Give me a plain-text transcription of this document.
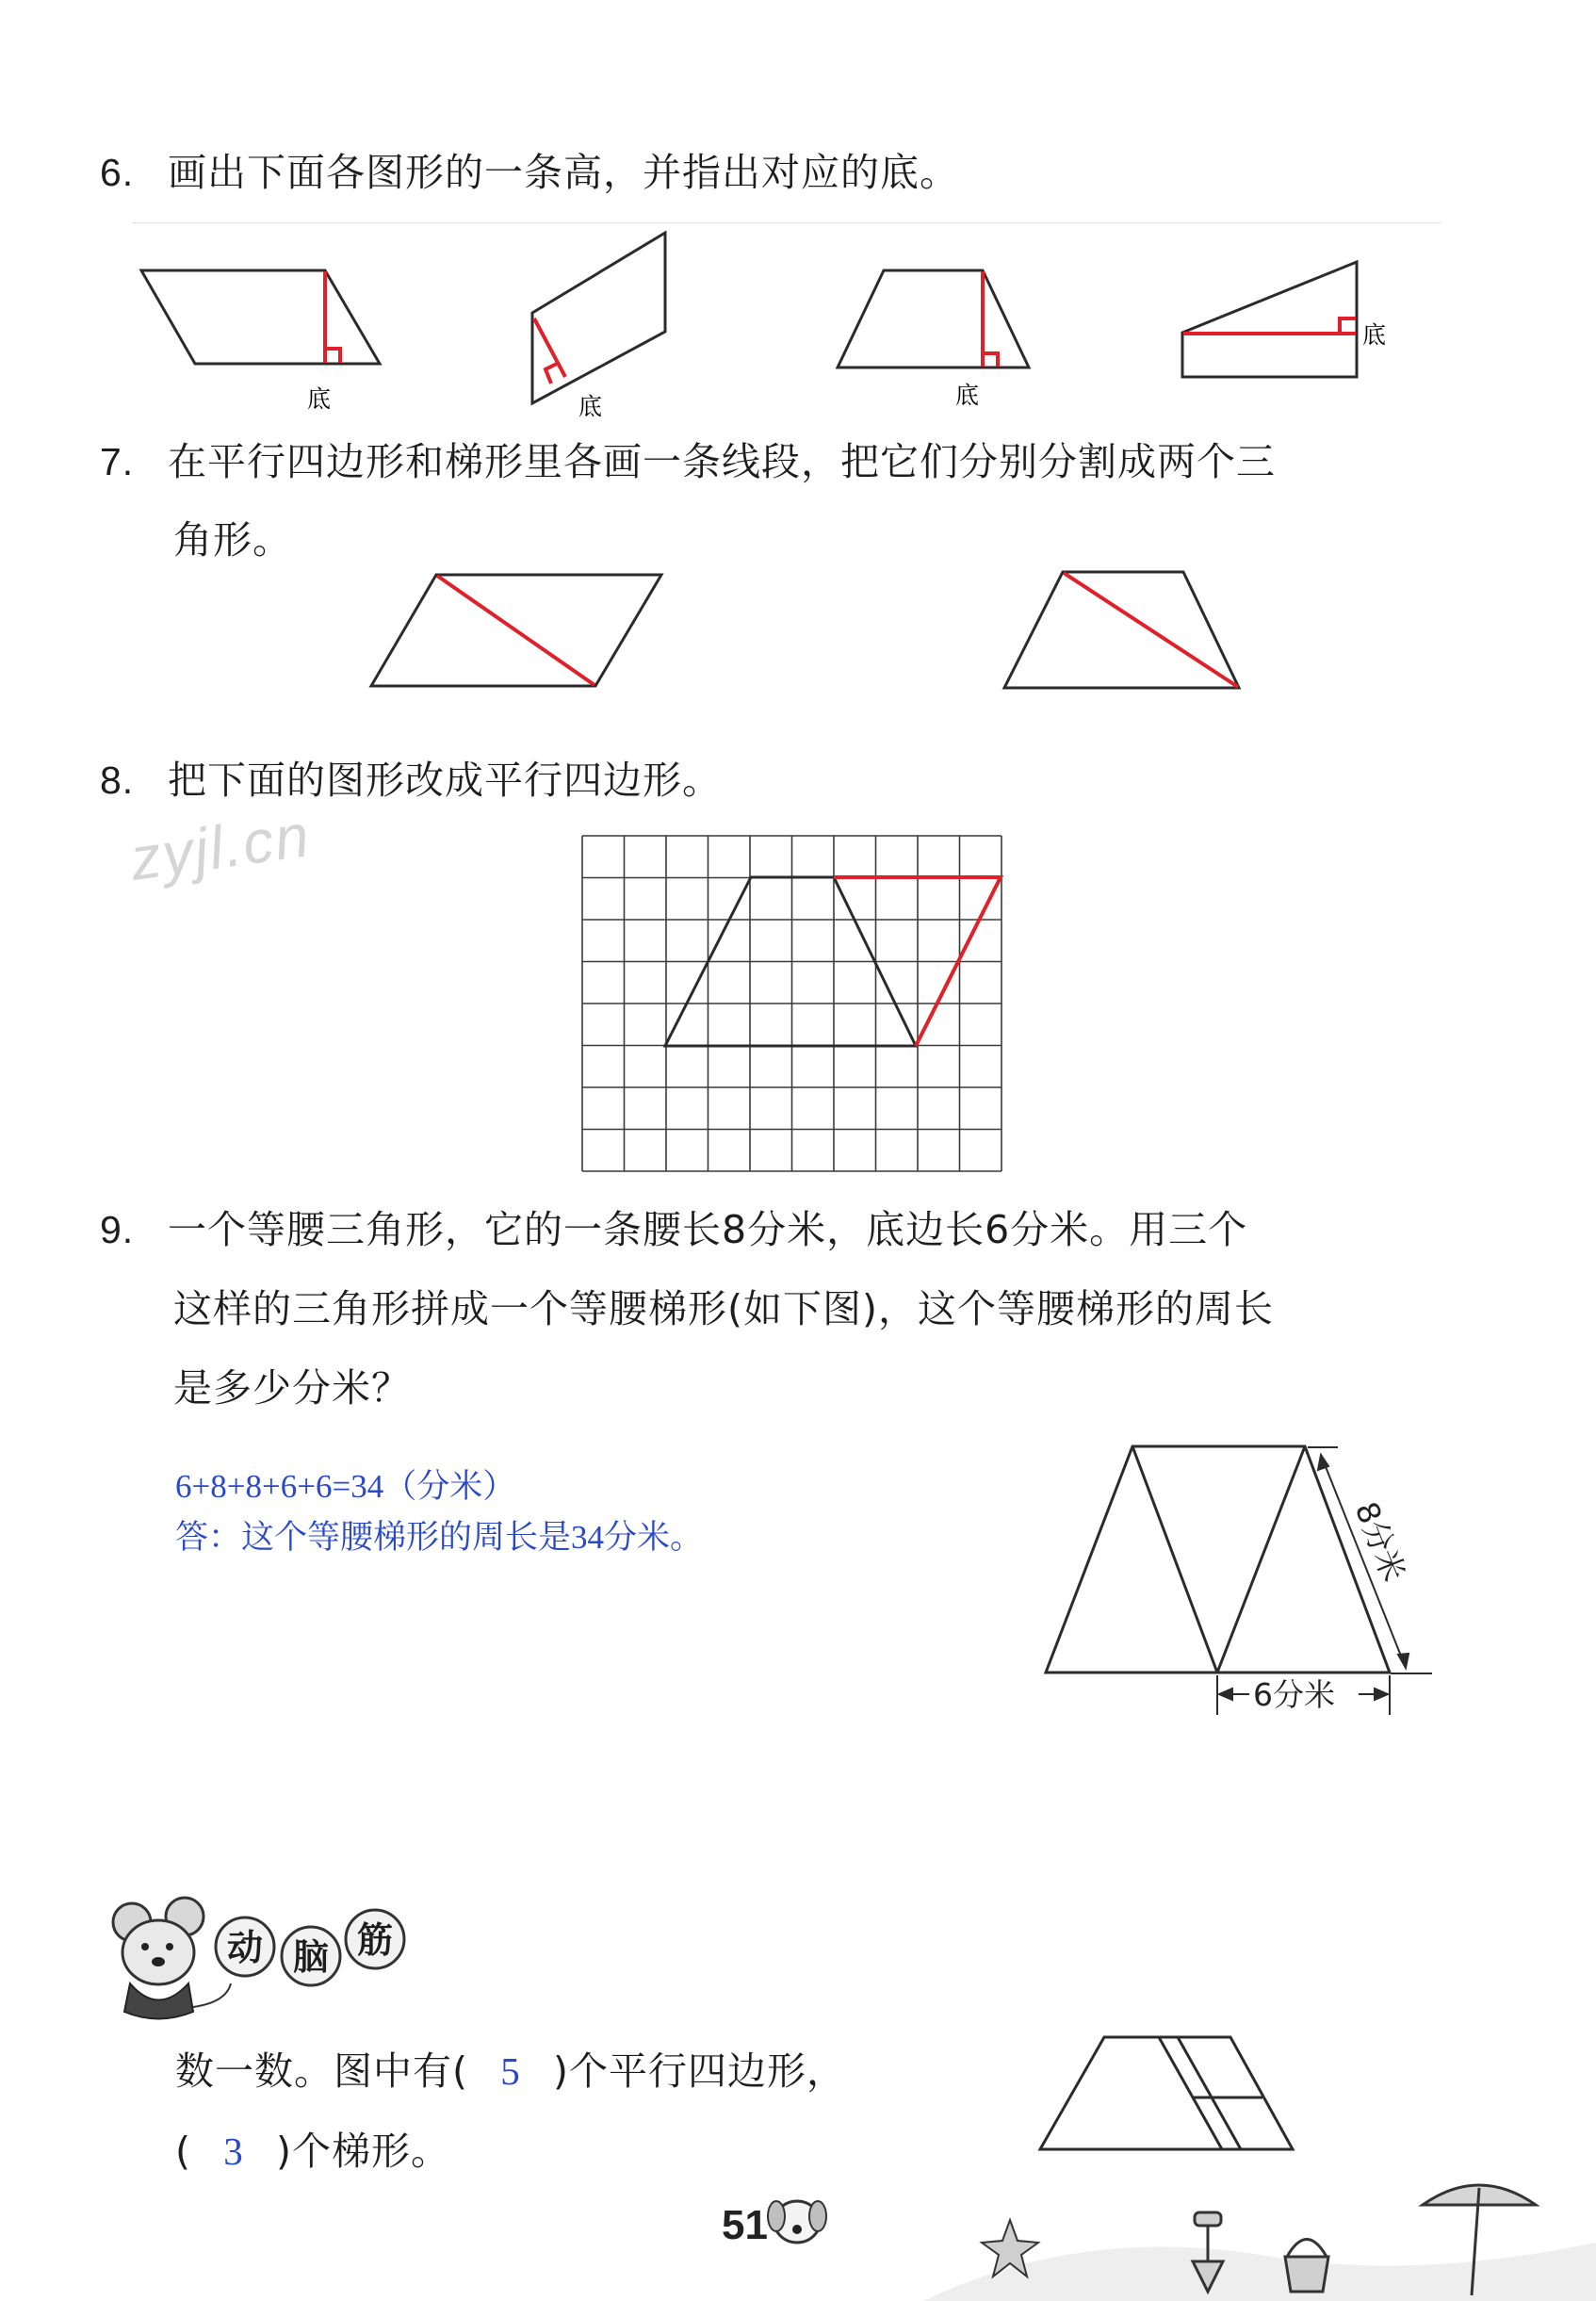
6. 画出下面各图形的一条高，并指出对应的底。
7. 在平行四边形和梯形里各画一条线段，把它们分别分割成两个三
角形。
8. 把下面的图形改成平行四边形。
zyjl.cn
9. 一个等腰三角形，它的一条腰长8分米，底边长6分米。用三个
这样的三角形拼成一个等腰梯形(如下图)，这个等腰梯形的周长
是多少分米？
6+8+8+6+6=34（分米）
答：这个等腰梯形的周长是34分米。
数一数。图中有( 5 )个平行四边形，
( 3 )个梯形。
51
底	底	底
底
8分米
6分米
动 脑 筋
